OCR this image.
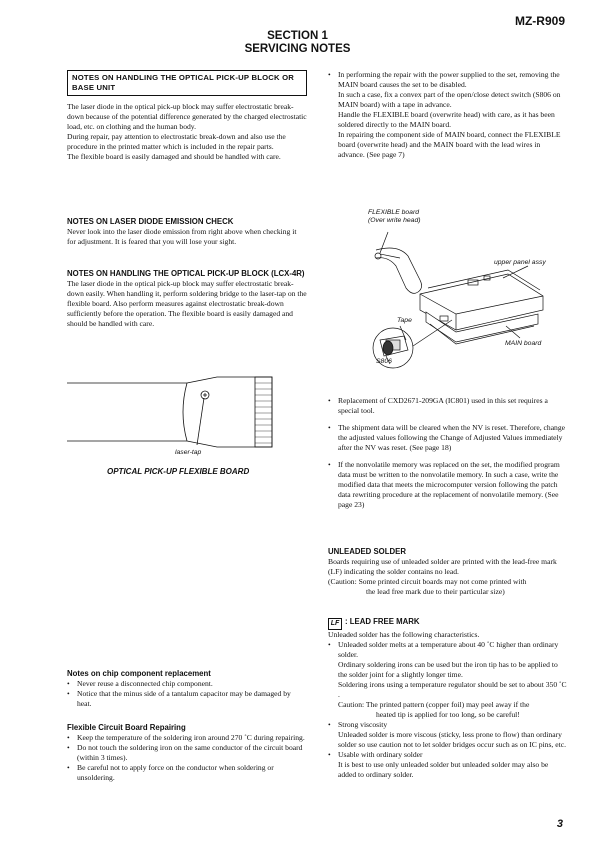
MZ-R909
SECTION 1
SERVICING NOTES
NOTES ON HANDLING THE OPTICAL PICK-UP BLOCK OR BASE UNIT

The laser diode in the optical pick-up block may suffer electrostatic break-down because of the potential difference generated by the charged electrostatic load, etc. on clothing and the human body.

During repair, pay attention to electrostatic break-down and also use the procedure in the printed matter which is included in the repair parts.

The flexible board is easily damaged and should be handled with care.

NOTES ON LASER DIODE EMISSION CHECK

Never look into the laser diode emission from right above when checking it for adjustment. It is feared that you will lose your sight.

NOTES ON HANDLING THE OPTICAL PICK-UP BLOCK (LCX-4R)

The laser diode in the optical pick-up block may suffer electrostatic break-down easily. When handling it, perform soldering bridge to the laser-tap on the flexible board. Also perform measures against electrostatic break-down sufficiently before the operation. The flexible board is easily damaged and should be handled with care.

laser-tap
OPTICAL PICK-UP FLEXIBLE BOARD
Notes on chip component replacement
• Never reuse a disconnected chip component.
• Notice that the minus side of a tantalum capacitor may be damaged by heat.
Flexible Circuit Board Repairing
• Keep the temperature of the soldering iron around 270 ˚C during repairing.
• Do not touch the soldering iron on the same conductor of the circuit board (within 3 times).
• Be careful not to apply force on the conductor when soldering or unsoldering.
• In performing the repair with the power supplied to the set, removing the MAIN board causes the set to be disabled.

In such a case, fix a convex part of the open/close detect switch (S806 on MAIN board) with a tape in advance.

Handle the FLEXIBLE board (overwrite head) with care, as it has been soldered directly to the MAIN board.

In repairing the component side of MAIN board, connect the FLEXIBLE board (overwrite head) and the MAIN board with the lead wires in advance. (See page 7)

FLEXIBLE board
(Over write head)
upper panel assy
Tape
MAIN board
S806
• Replacement of CXD2671-209GA (IC801) used in this set requires a special tool.
• The shipment data will be cleared when the NV is reset. Therefore, change the adjusted values following the Change of Adjusted Values immediately after the NV was reset. (See page 18)
• If the nonvolatile memory was replaced on the set, the modified program data must be written to the nonvolatile memory. In such a case, write the modified data that meets the microcomputer version following the patch data rewriting procedure at the replacement of nonvolatile memory. (See page 23)
UNLEADED SOLDER

Boards requiring use of unleaded solder are printed with the lead-free mark (LF) indicating the solder contains no lead.

(Caution: Some printed circuit boards may not come printed with

the lead free mark due to their particular size)

LF : LEAD FREE MARK

Unleaded solder has the following characteristics.

• Unleaded solder melts at a temperature about 40 ˚C higher than ordinary solder.

Ordinary soldering irons can be used but the iron tip has to be applied to the solder joint for a slightly longer time.

Soldering irons using a temperature regulator should be set to about 350 ˚C .

Caution: The printed pattern (copper foil) may peel away if the

heated tip is applied for too long, so be careful!

• Strong viscosity

Unleaded solder is more viscous (sticky, less prone to flow) than ordinary solder so use caution not to let solder bridges occur such as on IC pins, etc.

• Usable with ordinary solder

It is best to use only unleaded solder but unleaded solder may also be added to ordinary solder.

3
